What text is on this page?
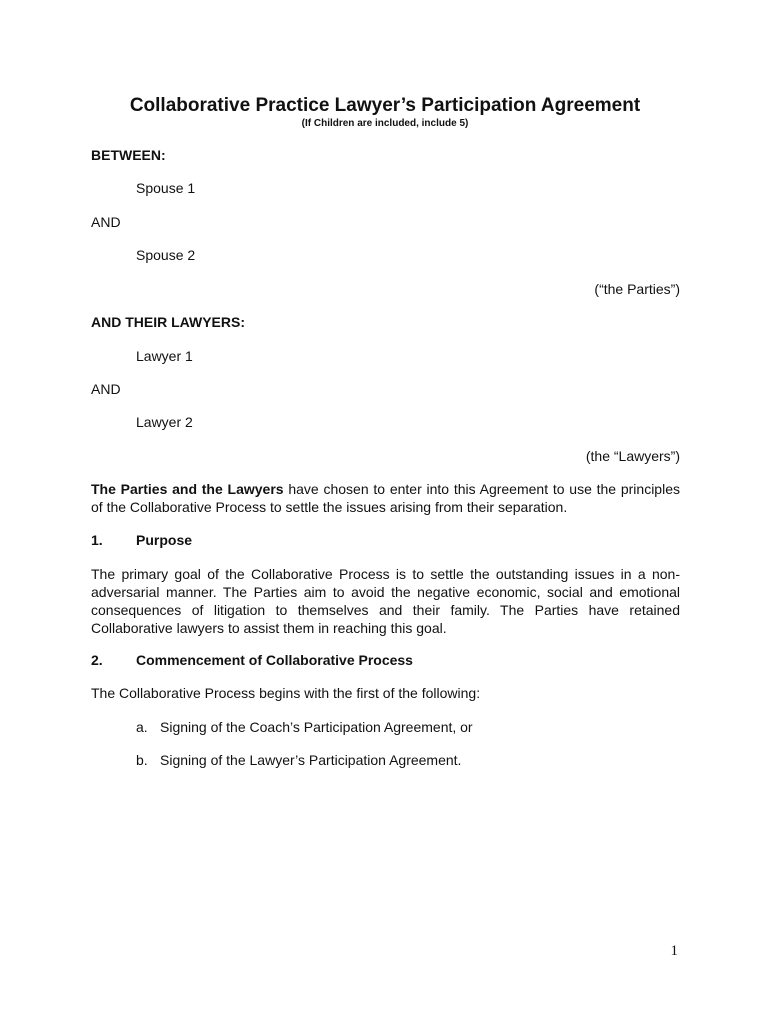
Collaborative Practice Lawyer’s Participation Agreement
(If Children are included, include 5)
BETWEEN:
Spouse 1
AND
Spouse 2
(“the Parties”)
AND THEIR LAWYERS:
Lawyer 1
AND
Lawyer 2
(the “Lawyers”)
The Parties and the Lawyers have chosen to enter into this Agreement to use the principles of the Collaborative Process to settle the issues arising from their separation.
1. Purpose
The primary goal of the Collaborative Process is to settle the outstanding issues in a non-adversarial manner. The Parties aim to avoid the negative economic, social and emotional consequences of litigation to themselves and their family. The Parties have retained Collaborative lawyers to assist them in reaching this goal.
2. Commencement of Collaborative Process
The Collaborative Process begins with the first of the following:
a. Signing of the Coach’s Participation Agreement, or
b. Signing of the Lawyer’s Participation Agreement.
1
